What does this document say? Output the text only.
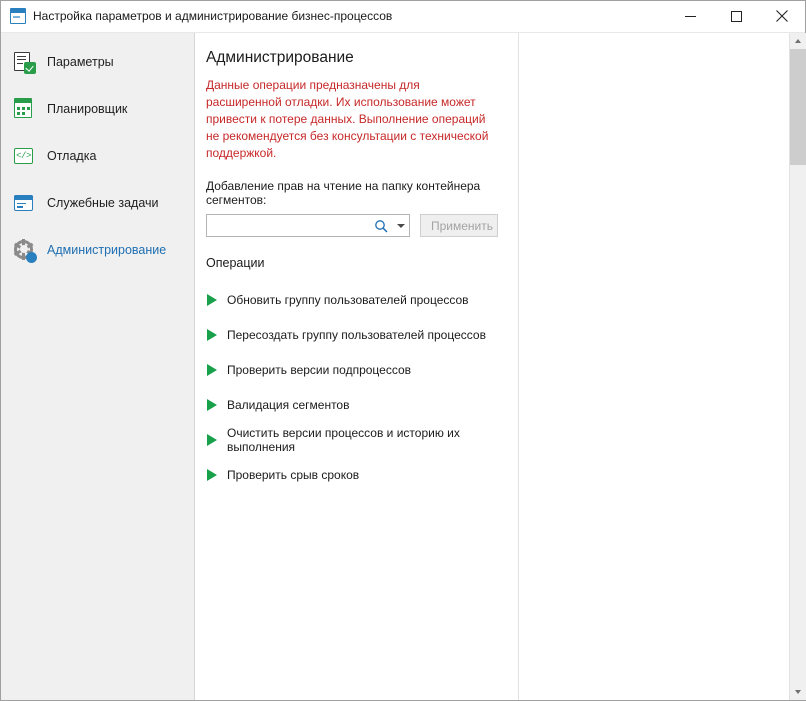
Настройка параметров и администрирование бизнес-процессов
Параметры
Планировщик
</> Отладка
Служебные задачи
Администрирование
Администрирование

Данные операции предназначены для расширенной отладки. Их использование может привести к потере данных. Выполнение операций не рекомендуется без консультации с технической поддержкой.

Добавление прав на чтение на папку контейнера сегментов:
Применить
Операции
Обновить группу пользователей процессов
Пересоздать группу пользователей процессов
Проверить версии подпроцессов
Валидация сегментов
Очистить версии процессов и историю их выполнения
Проверить срыв сроков
